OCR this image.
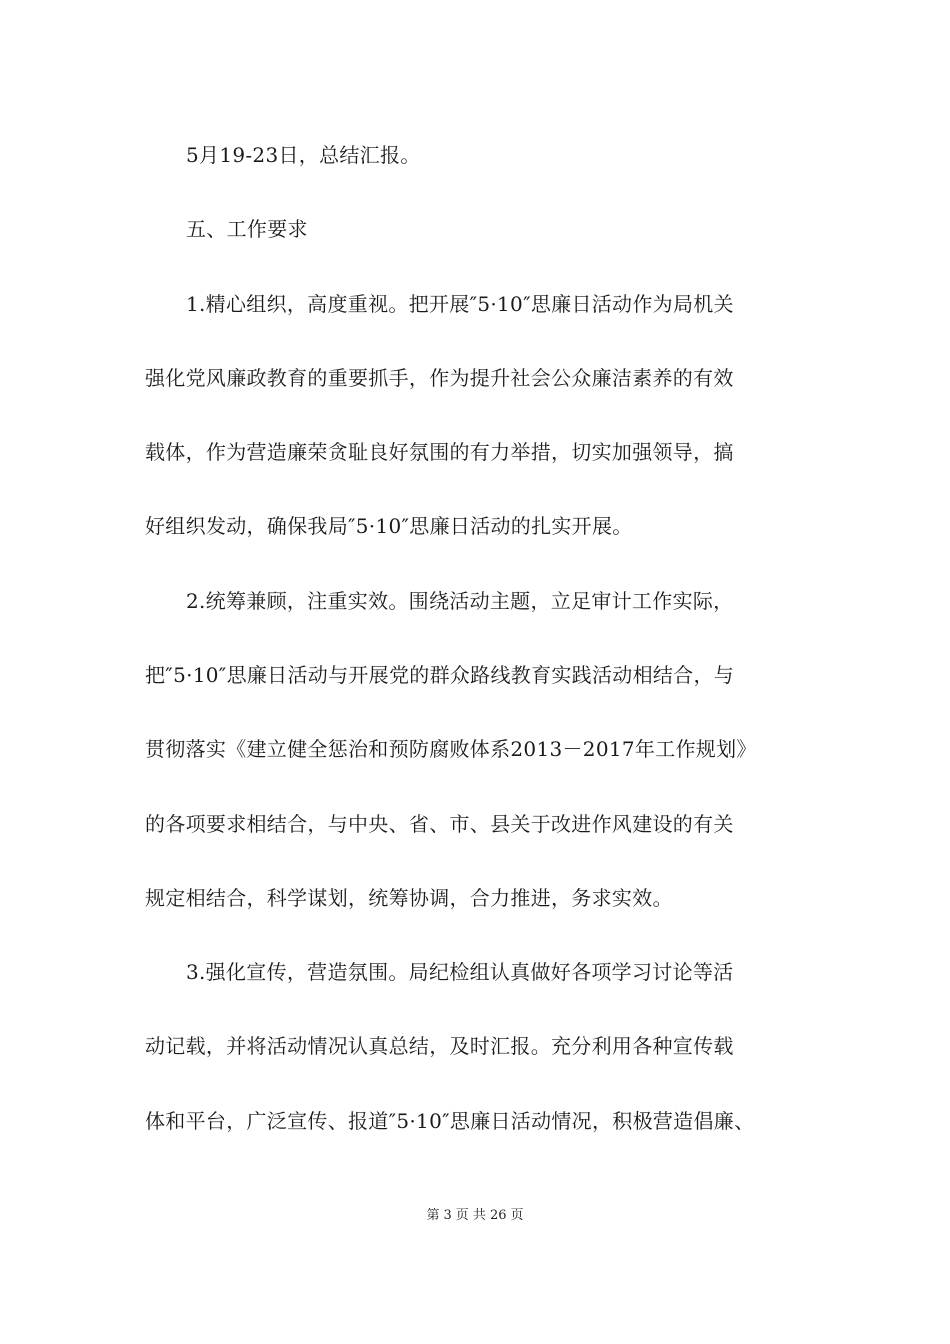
5月19-23日，总结汇报。
五、工作要求
1.精心组织，高度重视。把开展″5·10″思廉日活动作为局机关
强化党风廉政教育的重要抓手，作为提升社会公众廉洁素养的有效
载体，作为营造廉荣贪耻良好氛围的有力举措，切实加强领导，搞
好组织发动，确保我局″5·10″思廉日活动的扎实开展。
2.统筹兼顾，注重实效。围绕活动主题，立足审计工作实际，
把″5·10″思廉日活动与开展党的群众路线教育实践活动相结合，与
贯彻落实《建立健全惩治和预防腐败体系2013－2017年工作规划》
的各项要求相结合，与中央、省、市、县关于改进作风建设的有关
规定相结合，科学谋划，统筹协调，合力推进，务求实效。
3.强化宣传，营造氛围。局纪检组认真做好各项学习讨论等活
动记载，并将活动情况认真总结，及时汇报。充分利用各种宣传载
体和平台，广泛宣传、报道″5·10″思廉日活动情况，积极营造倡廉、
第 3 页 共 26 页
